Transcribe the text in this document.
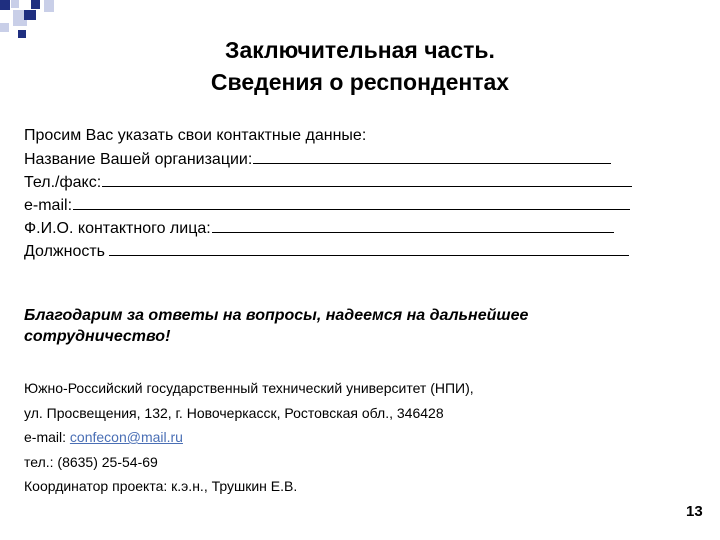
Заключительная часть.
Сведения о респондентах
Просим Вас указать свои контактные данные:
Название Вашей организации:
Тел./факс:
e-mail:
Ф.И.О. контактного лица:
Должность
Благодарим за ответы на вопросы, надеемся на дальнейшее сотрудничество!
Южно-Российский государственный технический университет (НПИ),
ул. Просвещения, 132, г. Новочеркасск, Ростовская обл., 346428
e-mail: confecon@mail.ru
тел.: (8635) 25-54-69
Координатор проекта: к.э.н., Трушкин Е.В.
13
